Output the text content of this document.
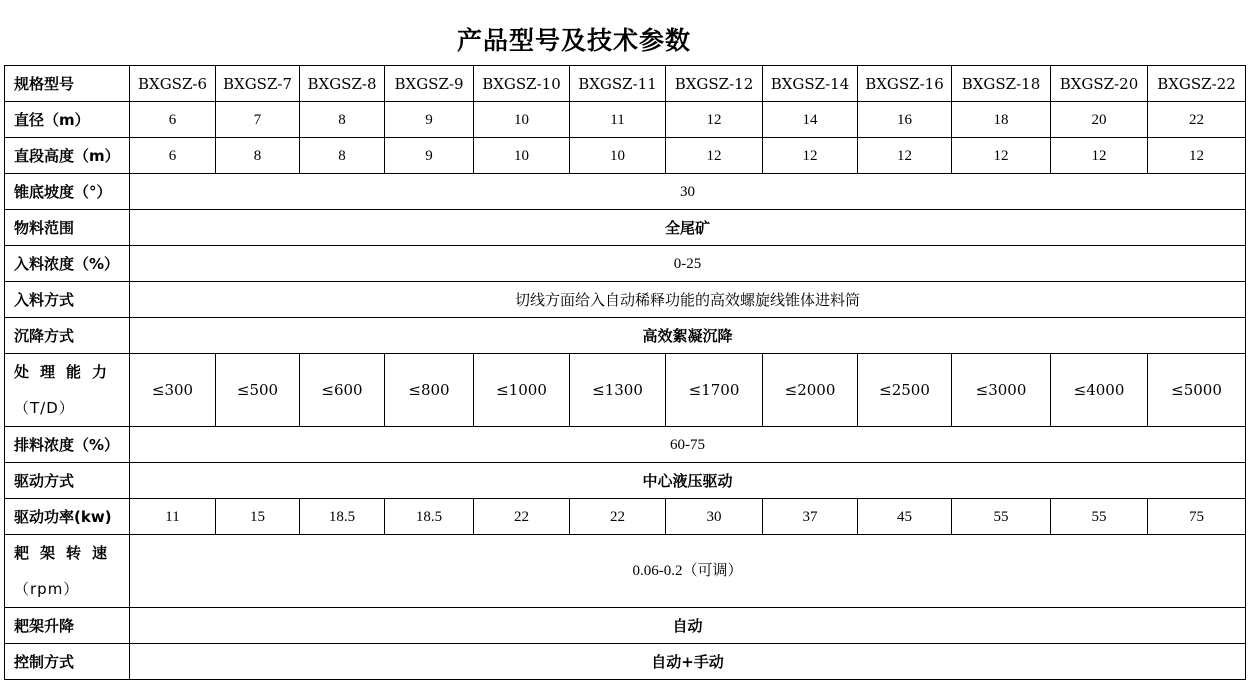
产品型号及技术参数
规格型号	BXGSZ-6	BXGSZ-7	BXGSZ-8	BXGSZ-9	BXGSZ-10	BXGSZ-11	BXGSZ-12	BXGSZ-14	BXGSZ-16	BXGSZ-18	BXGSZ-20	BXGSZ-22
直径（m）	6	7	8	9	10	11	12	14	16	18	20	22
直段高度（m）	6	8	8	9	10	10	12	12	12	12	12	12
锥底坡度（°）	30											
物料范围	全尾矿											
入料浓度（%）	0-25											
入料方式	切线方面给入自动稀释功能的高效螺旋线锥体进料筒											
沉降方式	高效絮凝沉降											
处理能力
（T/D）	≤300	≤500	≤600	≤800	≤1000	≤1300	≤1700	≤2000	≤2500	≤3000	≤4000	≤5000
排料浓度（%）	60-75											
驱动方式	中心液压驱动											
驱动功率(kw)	11	15	18.5	18.5	22	22	30	37	45	55	55	75
耙架转速
（rpm）	0.06-0.2（可调）											
耙架升降	自动											
控制方式	自动+手动											
